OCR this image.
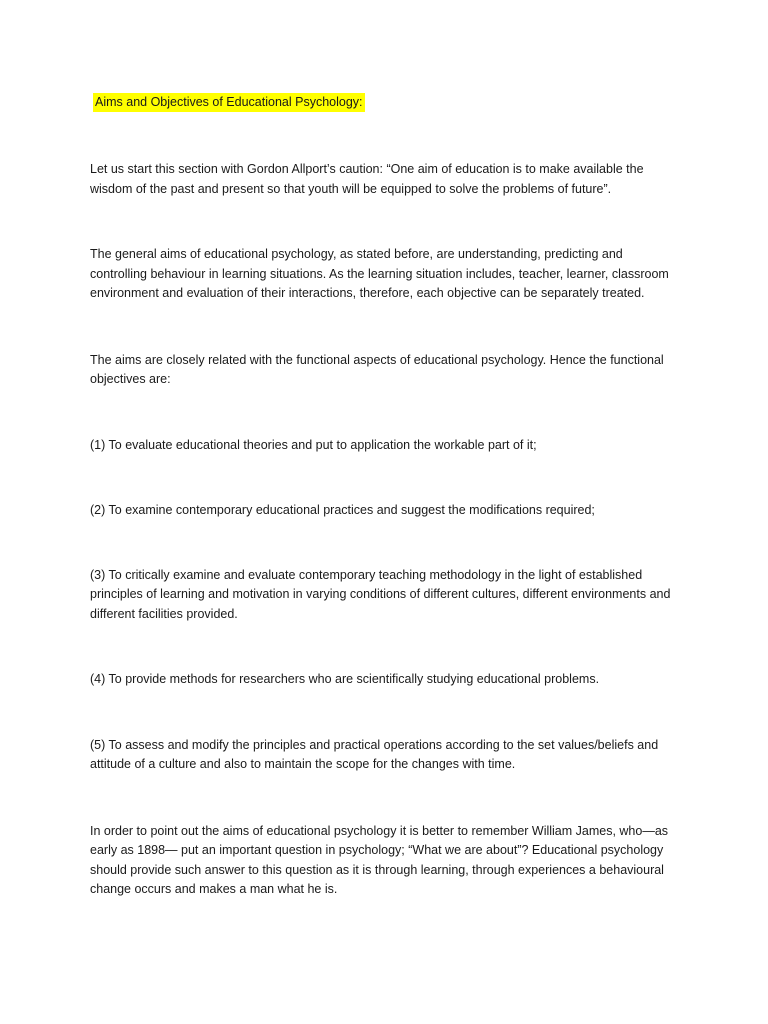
Aims and Objectives of Educational Psychology:

Let us start this section with Gordon Allport’s caution: “One aim of education is to make available the wisdom of the past and present so that youth will be equipped to solve the problems of future”.

The general aims of educational psychology, as stated before, are understanding, predicting and controlling behaviour in learning situations. As the learning situation includes, teacher, learner, classroom environment and evaluation of their interactions, therefore, each objective can be separately treated.

The aims are closely related with the functional aspects of educational psychology. Hence the functional objectives are:

(1) To evaluate educational theories and put to application the workable part of it;

(2) To examine contemporary educational practices and suggest the modifications required;

(3) To critically examine and evaluate contemporary teaching methodology in the light of established principles of learning and motivation in varying conditions of different cultures, different environments and different facilities provided.

(4) To provide methods for researchers who are scientifically studying educational problems.

(5) To assess and modify the principles and practical operations according to the set values/beliefs and attitude of a culture and also to maintain the scope for the changes with time.

In order to point out the aims of educational psychology it is better to remember William James, who—as early as 1898— put an important question in psychology; “What we are about”? Educational psychology should provide such answer to this question as it is through learning, through experiences a behavioural change occurs and makes a man what he is.
